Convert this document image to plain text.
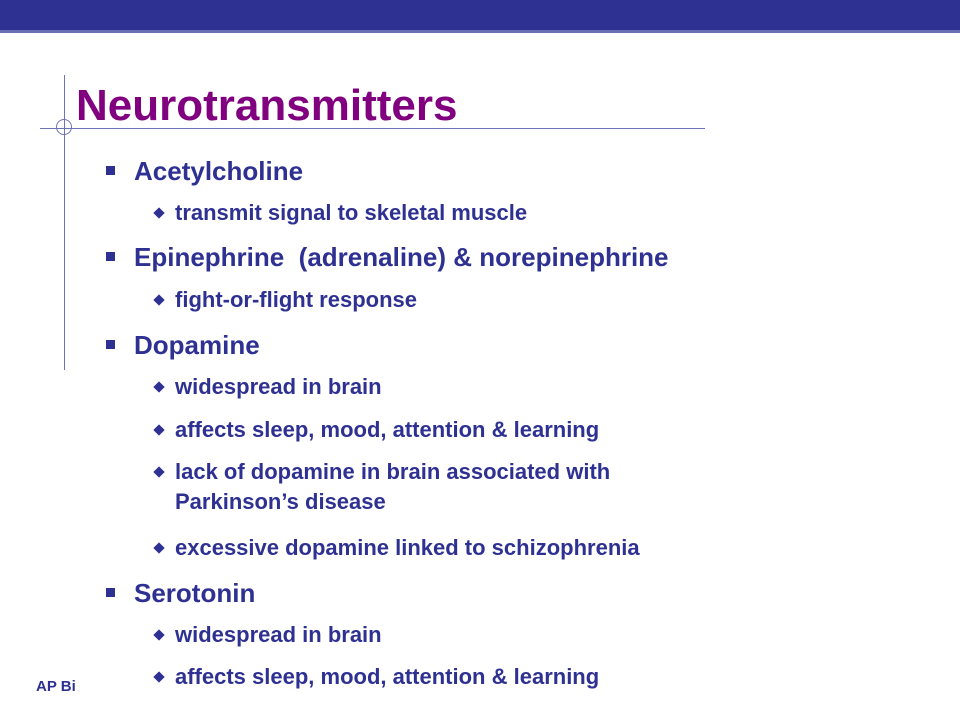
Neurotransmitters
Acetylcholine
transmit signal to skeletal muscle
Epinephrine  (adrenaline) & norepinephrine
fight-or-flight response
Dopamine
widespread in brain
affects sleep, mood, attention & learning
lack of dopamine in brain associated with
Parkinson’s disease
excessive dopamine linked to schizophrenia
Serotonin
widespread in brain
affects sleep, mood, attention & learning
AP Bi
